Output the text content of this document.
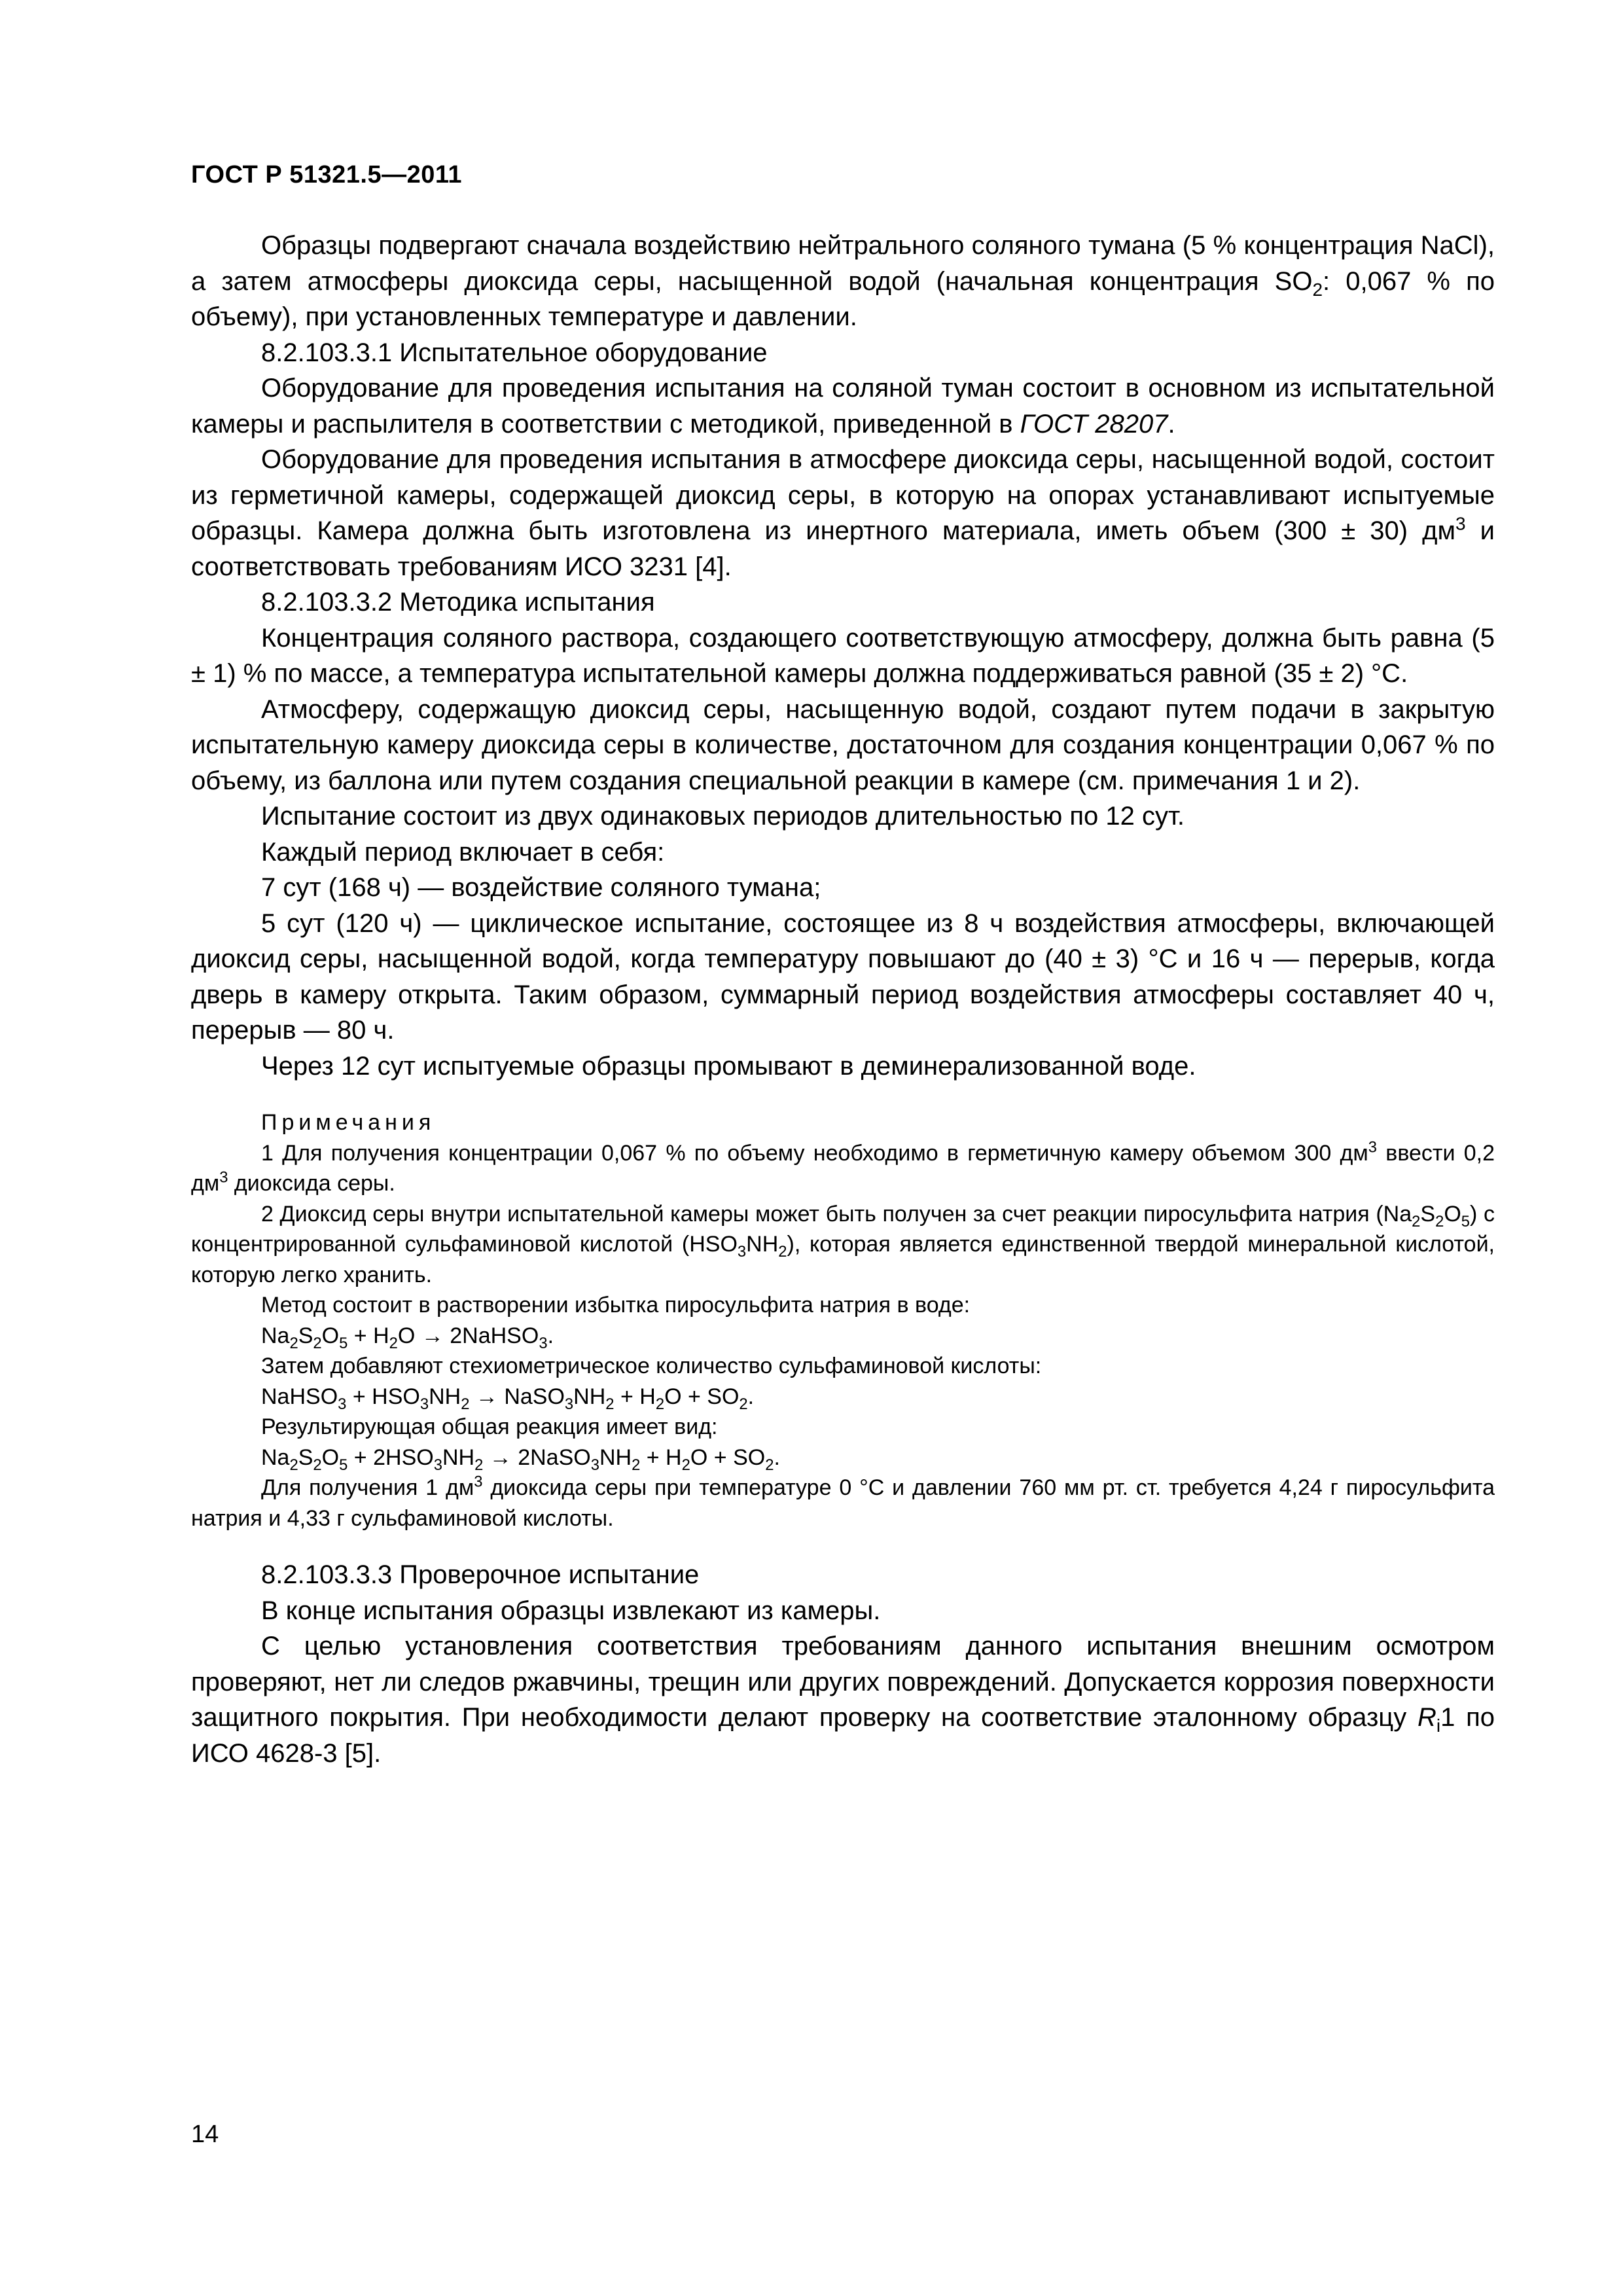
ГОСТ Р 51321.5—2011

Образцы подвергают сначала воздействию нейтрального соляного тумана (5 % концентрация NaCl), а затем атмосферы диоксида серы, насыщенной водой (начальная концентрация $SO_2$: 0,067 % по объему), при установленных температуре и давлении.

8.2.103.3.1 Испытательное оборудование

Оборудование для проведения испытания на соляной туман состоит в основном из испытательной камеры и распылителя в соответствии с методикой, приведенной в ГОСТ 28207.

Оборудование для проведения испытания в атмосфере диоксида серы, насыщенной водой, состоит из герметичной камеры, содержащей диоксид серы, в которую на опорах устанавливают испытуемые образцы. Камера должна быть изготовлена из инертного материала, иметь объем (300 ± 30) $дм^3$ и соответствовать требованиям ИСО 3231 [4].

8.2.103.3.2 Методика испытания

Концентрация соляного раствора, создающего соответствующую атмосферу, должна быть равна (5 ± 1) % по массе, а температура испытательной камеры должна поддерживаться равной (35 ± 2) °С.

Атмосферу, содержащую диоксид серы, насыщенную водой, создают путем подачи в закрытую испытательную камеру диоксида серы в количестве, достаточном для создания концентрации 0,067 % по объему, из баллона или путем создания специальной реакции в камере (см. примечания 1 и 2).

Испытание состоит из двух одинаковых периодов длительностью по 12 сут.

Каждый период включает в себя:

7 сут (168 ч) — воздействие соляного тумана;

5 сут (120 ч) — циклическое испытание, состоящее из 8 ч воздействия атмосферы, включающей диоксид серы, насыщенной водой, когда температуру повышают до (40 ± 3) °С и 16 ч — перерыв, когда дверь в камеру открыта. Таким образом, суммарный период воздействия атмосферы составляет 40 ч, перерыв — 80 ч.

Через 12 сут испытуемые образцы промывают в деминерализованной воде.

Примечания

1 Для получения концентрации 0,067 % по объему необходимо в герметичную камеру объемом 300 $дм^3$ ввести 0,2 $дм^3$ диоксида серы.

2 Диоксид серы внутри испытательной камеры может быть получен за счет реакции пиросульфита натрия $(Na_2S_2O_5)$ с концентрированной сульфаминовой кислотой $(HSO_3NH_2)$, которая является единственной твердой минеральной кислотой, которую легко хранить.

Метод состоит в растворении избытка пиросульфита натрия в воде:

$Na_2S_2O_5 + H_2O$ → 2NaHSO$_3$.

Затем добавляют стехиометрическое количество сульфаминовой кислоты:

NaHSO$_3$ + $HSO_3NH_2$ → $NaSO_3NH_2 + H_2O + SO_2$.

Результирующая общая реакция имеет вид:

$Na_2S_2O_5 + 2HSO_3NH_2$ → $2NaSO_3NH_2 + H_2O + SO_2$.

Для получения 1 $дм^3$ диоксида серы при температуре 0 °С и давлении 760 мм рт. ст. требуется 4,24 г пиросульфита натрия и 4,33 г сульфаминовой кислоты.

8.2.103.3.3 Проверочное испытание

В конце испытания образцы извлекают из камеры.

С целью установления соответствия требованиям данного испытания внешним осмотром проверяют, нет ли следов ржавчины, трещин или других повреждений. Допускается коррозия поверхности защитного покрытия. При необходимости делают проверку на соответствие эталонному образцу $R_i1$ по ИСО 4628-3 [5].

14
